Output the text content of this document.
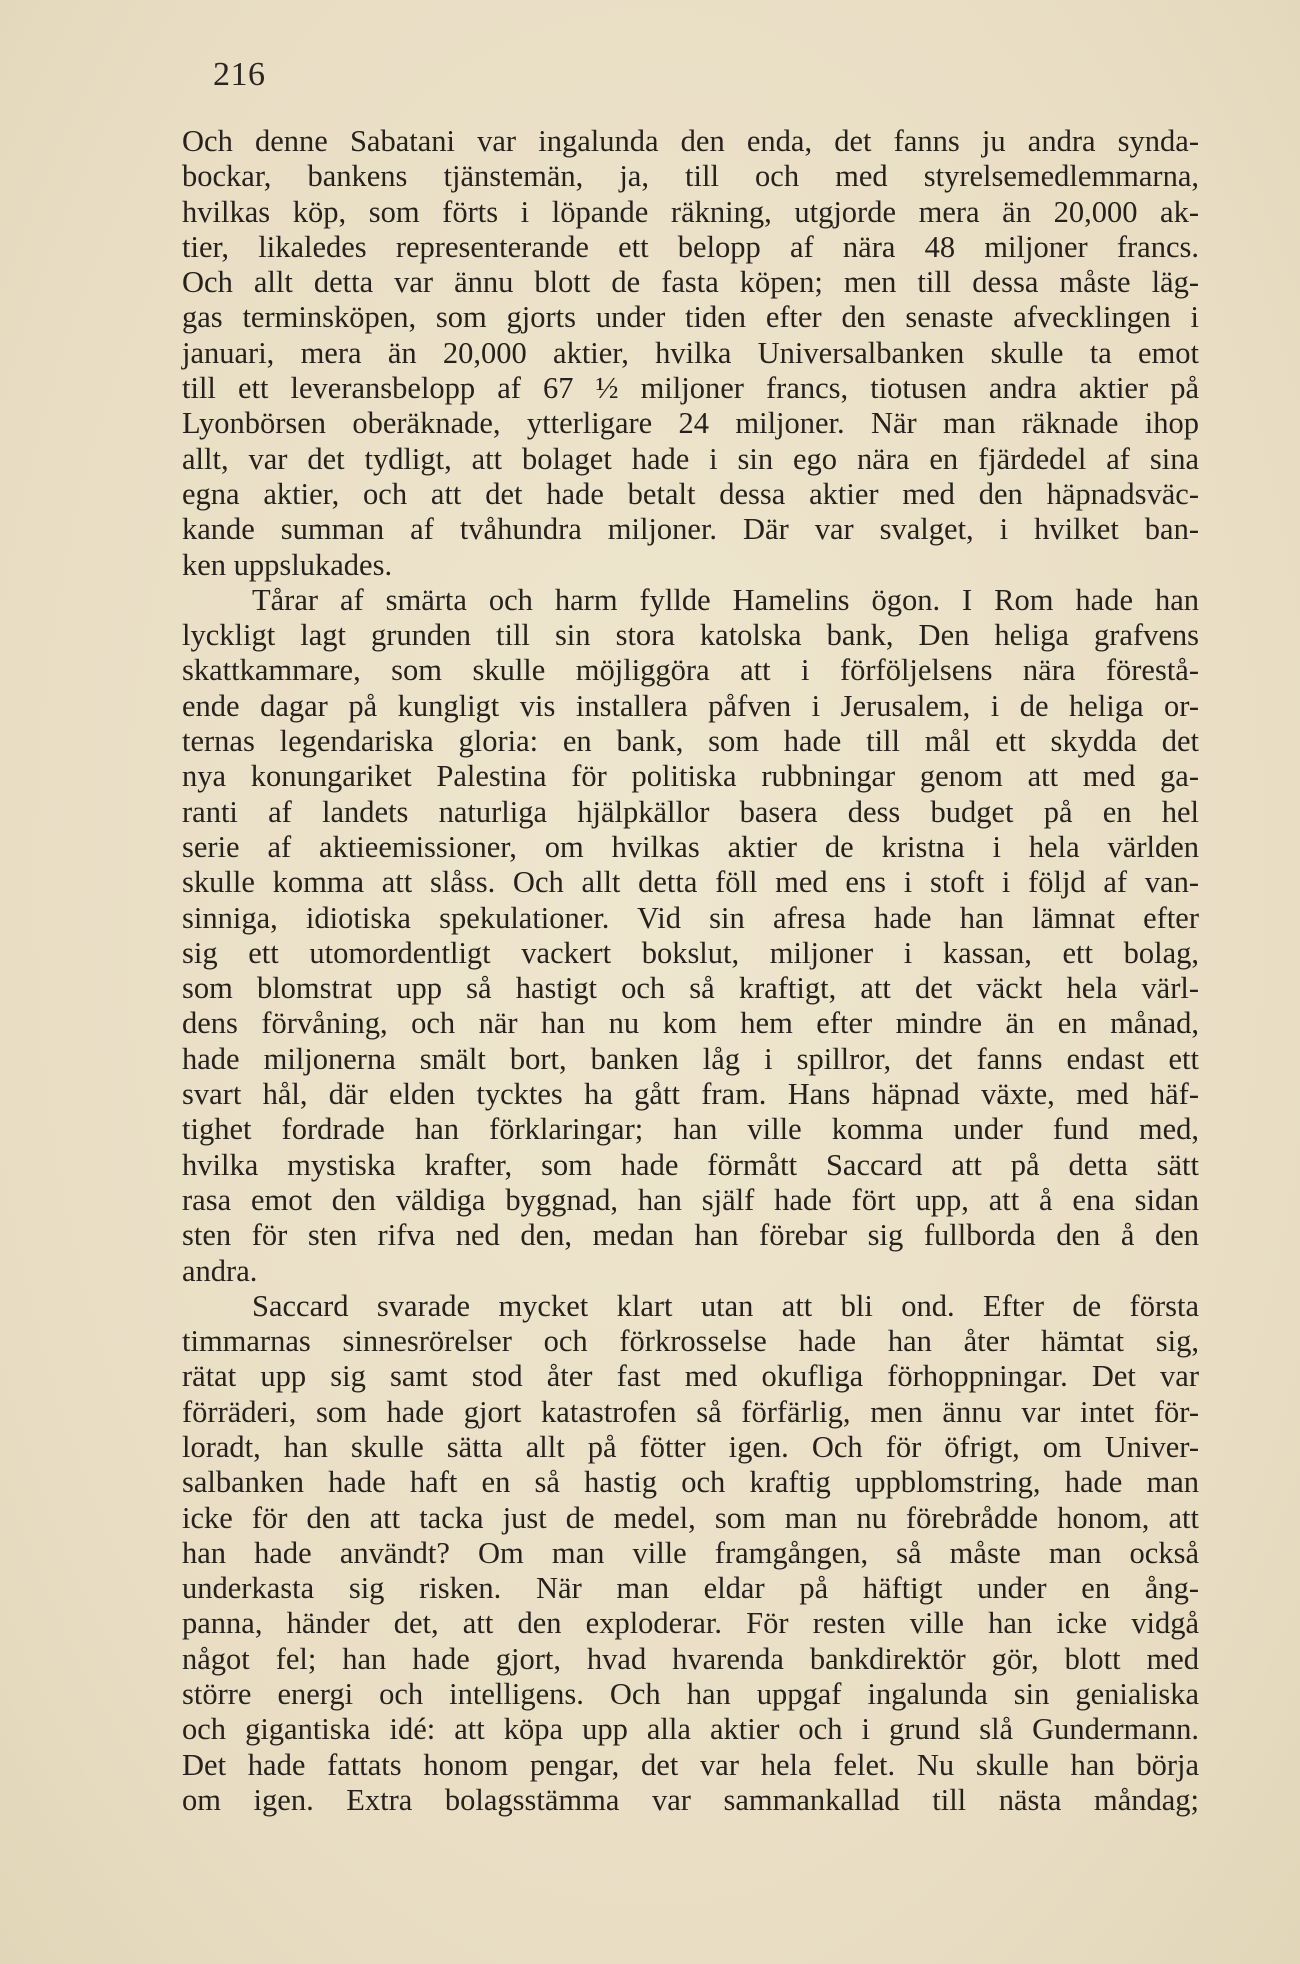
216
Och denne Sabatani var ingalunda den enda, det fanns ju andra synda-
bockar, bankens tjänstemän, ja, till och med styrelsemedlemmarna,
hvilkas köp, som förts i löpande räkning, utgjorde mera än 20,000 ak-
tier, likaledes representerande ett belopp af nära 48 miljoner francs.
Och allt detta var ännu blott de fasta köpen; men till dessa måste läg-
gas terminsköpen, som gjorts under tiden efter den senaste afvecklingen i
januari, mera än 20,000 aktier, hvilka Universalbanken skulle ta emot
till ett leveransbelopp af 67 ½ miljoner francs, tiotusen andra aktier på
Lyonbörsen oberäknade, ytterligare 24 miljoner. När man räknade ihop
allt, var det tydligt, att bolaget hade i sin ego nära en fjärdedel af sina
egna aktier, och att det hade betalt dessa aktier med den häpnadsväc-
kande summan af tvåhundra miljoner. Där var svalget, i hvilket ban-
ken uppslukades.
Tårar af smärta och harm fyllde Hamelins ögon. I Rom hade han
lyckligt lagt grunden till sin stora katolska bank, Den heliga grafvens
skattkammare, som skulle möjliggöra att i förföljelsens nära förestå-
ende dagar på kungligt vis installera påfven i Jerusalem, i de heliga or-
ternas legendariska gloria: en bank, som hade till mål ett skydda det
nya konungariket Palestina för politiska rubbningar genom att med ga-
ranti af landets naturliga hjälpkällor basera dess budget på en hel
serie af aktieemissioner, om hvilkas aktier de kristna i hela världen
skulle komma att slåss. Och allt detta föll med ens i stoft i följd af van-
sinniga, idiotiska spekulationer. Vid sin afresa hade han lämnat efter
sig ett utomordentligt vackert bokslut, miljoner i kassan, ett bolag,
som blomstrat upp så hastigt och så kraftigt, att det väckt hela värl-
dens förvåning, och när han nu kom hem efter mindre än en månad,
hade miljonerna smält bort, banken låg i spillror, det fanns endast ett
svart hål, där elden tycktes ha gått fram. Hans häpnad växte, med häf-
tighet fordrade han förklaringar; han ville komma under fund med,
hvilka mystiska krafter, som hade förmått Saccard att på detta sätt
rasa emot den väldiga byggnad, han själf hade fört upp, att å ena sidan
sten för sten rifva ned den, medan han förebar sig fullborda den å den
andra.
Saccard svarade mycket klart utan att bli ond. Efter de första
timmarnas sinnesrörelser och förkrosselse hade han åter hämtat sig,
rätat upp sig samt stod åter fast med okufliga förhoppningar. Det var
förräderi, som hade gjort katastrofen så förfärlig, men ännu var intet för-
loradt, han skulle sätta allt på fötter igen. Och för öfrigt, om Univer-
salbanken hade haft en så hastig och kraftig uppblomstring, hade man
icke för den att tacka just de medel, som man nu förebrådde honom, att
han hade användt? Om man ville framgången, så måste man också
underkasta sig risken. När man eldar på häftigt under en ång-
panna, händer det, att den exploderar. För resten ville han icke vidgå
något fel; han hade gjort, hvad hvarenda bankdirektör gör, blott med
större energi och intelligens. Och han uppgaf ingalunda sin genialiska
och gigantiska idé: att köpa upp alla aktier och i grund slå Gundermann.
Det hade fattats honom pengar, det var hela felet. Nu skulle han börja
om igen. Extra bolagsstämma var sammankallad till nästa måndag;
